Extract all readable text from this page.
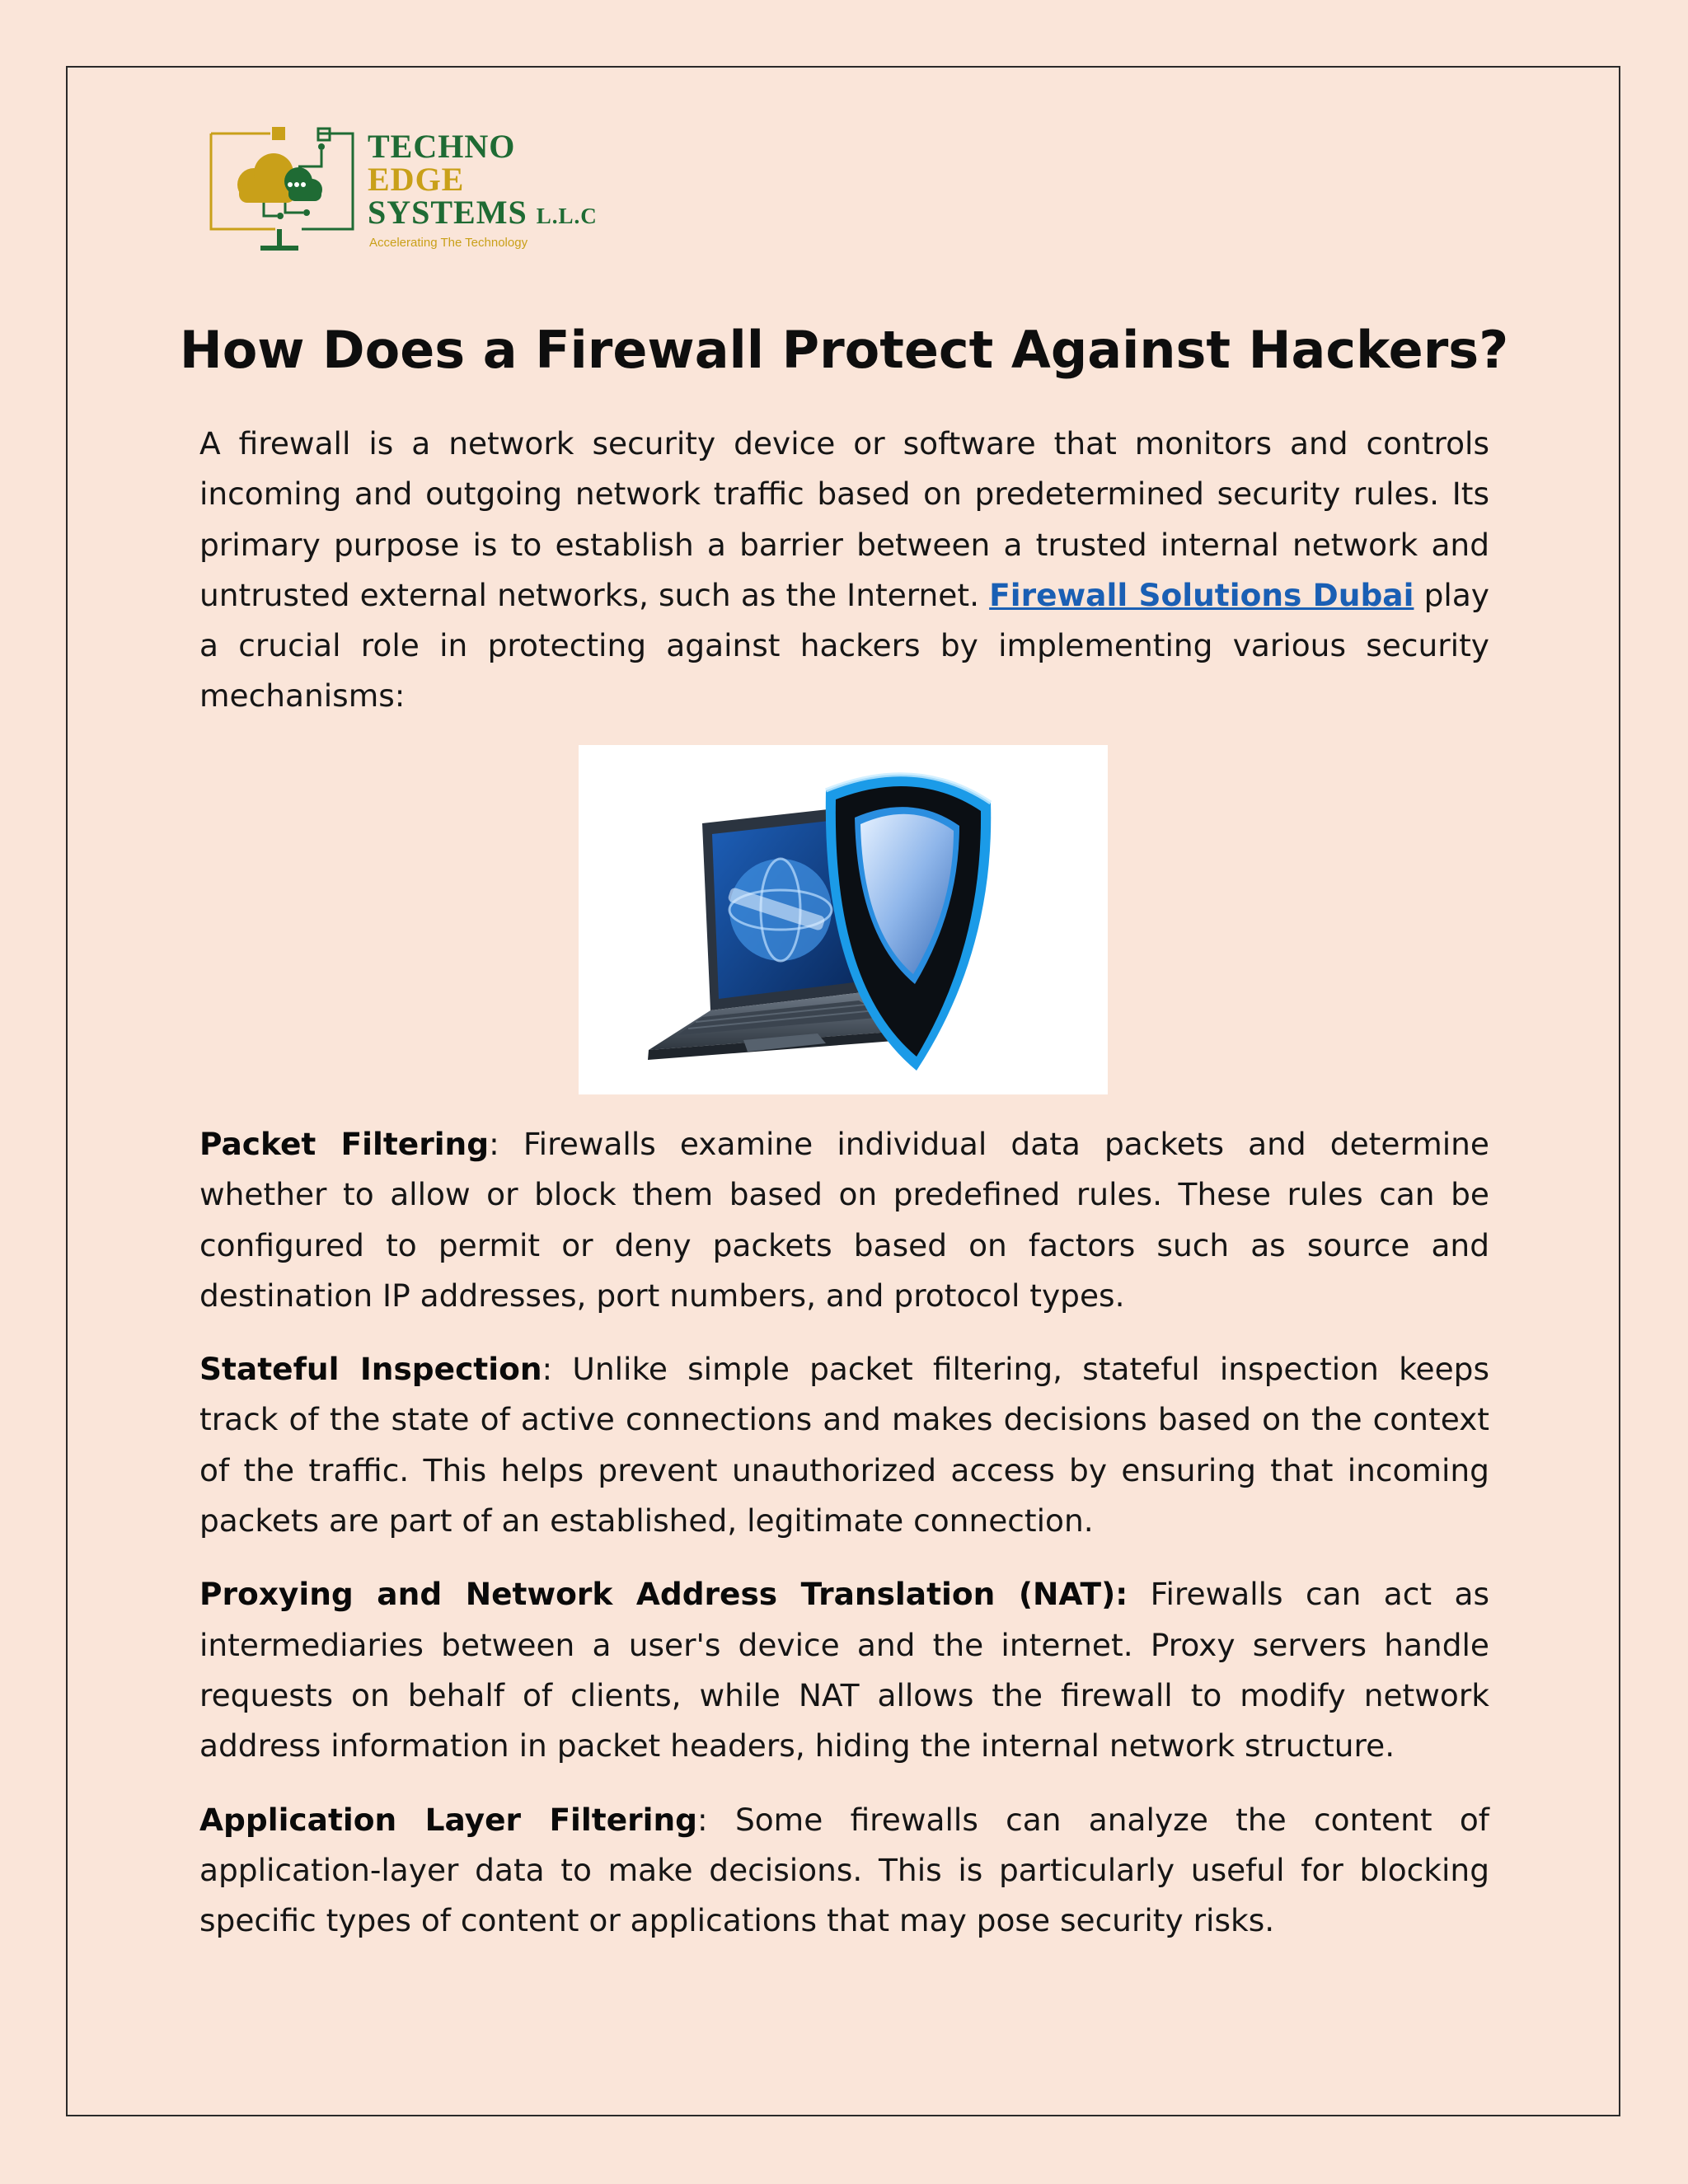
TECHNO
EDGE
SYSTEMS L.L.C
Accelerating The Technology
How Does a Firewall Protect Against Hackers?

A firewall is a network security device or software that monitors and controls incoming and outgoing network traffic based on predetermined security rules. Its primary purpose is to establish a barrier between a trusted internal network and untrusted external networks, such as the Internet. Firewall Solutions Dubai play a crucial role in protecting against hackers by implementing various security mechanisms:

Packet Filtering: Firewalls examine individual data packets and determine whether to allow or block them based on predefined rules. These rules can be configured to permit or deny packets based on factors such as source and destination IP addresses, port numbers, and protocol types.

Stateful Inspection: Unlike simple packet filtering, stateful inspection keeps track of the state of active connections and makes decisions based on the context of the traffic. This helps prevent unauthorized access by ensuring that incoming packets are part of an established, legitimate connection.

Proxying and Network Address Translation (NAT): Firewalls can act as intermediaries between a user's device and the internet. Proxy servers handle requests on behalf of clients, while NAT allows the firewall to modify network address information in packet headers, hiding the internal network structure.

Application Layer Filtering: Some firewalls can analyze the content of application-layer data to make decisions. This is particularly useful for blocking specific types of content or applications that may pose security risks.
